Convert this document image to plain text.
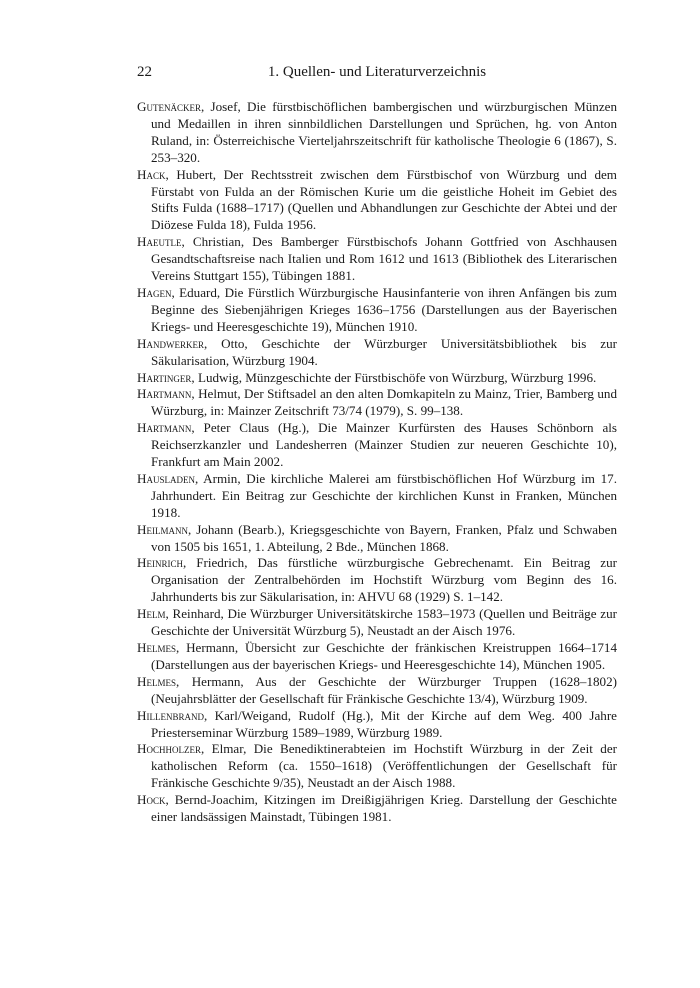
22	1. Quellen- und Literaturverzeichnis

Gutenäcker, Josef, Die fürstbischöflichen bambergischen und würzburgischen Münzen und Medaillen in ihren sinnbildlichen Darstellungen und Sprüchen, hg. von Anton Ruland, in: Österreichische Vierteljahrszeitschrift für katholische Theologie 6 (1867), S. 253–320.

Hack, Hubert, Der Rechtsstreit zwischen dem Fürstbischof von Würzburg und dem Fürstabt von Fulda an der Römischen Kurie um die geistliche Hoheit im Gebiet des Stifts Fulda (1688–1717) (Quellen und Abhandlungen zur Geschichte der Abtei und der Diözese Fulda 18), Fulda 1956.

Haeutle, Christian, Des Bamberger Fürstbischofs Johann Gottfried von Aschhausen Gesandtschaftsreise nach Italien und Rom 1612 und 1613 (Bibliothek des Literarischen Vereins Stuttgart 155), Tübingen 1881.

Hagen, Eduard, Die Fürstlich Würzburgische Hausinfanterie von ihren Anfängen bis zum Beginne des Siebenjährigen Krieges 1636–1756 (Darstellungen aus der Bayerischen Kriegs- und Heeresgeschichte 19), München 1910.

Handwerker, Otto, Geschichte der Würzburger Universitätsbibliothek bis zur Säkularisation, Würzburg 1904.

Hartinger, Ludwig, Münzgeschichte der Fürstbischöfe von Würzburg, Würzburg 1996.

Hartmann, Helmut, Der Stiftsadel an den alten Domkapiteln zu Mainz, Trier, Bamberg und Würzburg, in: Mainzer Zeitschrift 73/74 (1979), S. 99–138.

Hartmann, Peter Claus (Hg.), Die Mainzer Kurfürsten des Hauses Schönborn als Reichserzkanzler und Landesherren (Mainzer Studien zur neueren Geschichte 10), Frankfurt am Main 2002.

Hausladen, Armin, Die kirchliche Malerei am fürstbischöflichen Hof Würzburg im 17. Jahrhundert. Ein Beitrag zur Geschichte der kirchlichen Kunst in Franken, München 1918.

Heilmann, Johann (Bearb.), Kriegsgeschichte von Bayern, Franken, Pfalz und Schwaben von 1505 bis 1651, 1. Abteilung, 2 Bde., München 1868.

Heinrich, Friedrich, Das fürstliche würzburgische Gebrechenamt. Ein Beitrag zur Organisation der Zentralbehörden im Hochstift Würzburg vom Beginn des 16. Jahrhunderts bis zur Säkularisation, in: AHVU 68 (1929) S. 1–142.

Helm, Reinhard, Die Würzburger Universitätskirche 1583–1973 (Quellen und Beiträge zur Geschichte der Universität Würzburg 5), Neustadt an der Aisch 1976.

Helmes, Hermann, Übersicht zur Geschichte der fränkischen Kreistruppen 1664–1714 (Darstellungen aus der bayerischen Kriegs- und Heeresgeschichte 14), München 1905.

Helmes, Hermann, Aus der Geschichte der Würzburger Truppen (1628–1802) (Neujahrsblätter der Gesellschaft für Fränkische Geschichte 13/4), Würzburg 1909.

Hillenbrand, Karl/Weigand, Rudolf (Hg.), Mit der Kirche auf dem Weg. 400 Jahre Priesterseminar Würzburg 1589–1989, Würzburg 1989.

Hochholzer, Elmar, Die Benediktinerabteien im Hochstift Würzburg in der Zeit der katholischen Reform (ca. 1550–1618) (Veröffentlichungen der Gesellschaft für Fränkische Geschichte 9/35), Neustadt an der Aisch 1988.

Hock, Bernd-Joachim, Kitzingen im Dreißigjährigen Krieg. Darstellung der Geschichte einer landsässigen Mainstadt, Tübingen 1981.
